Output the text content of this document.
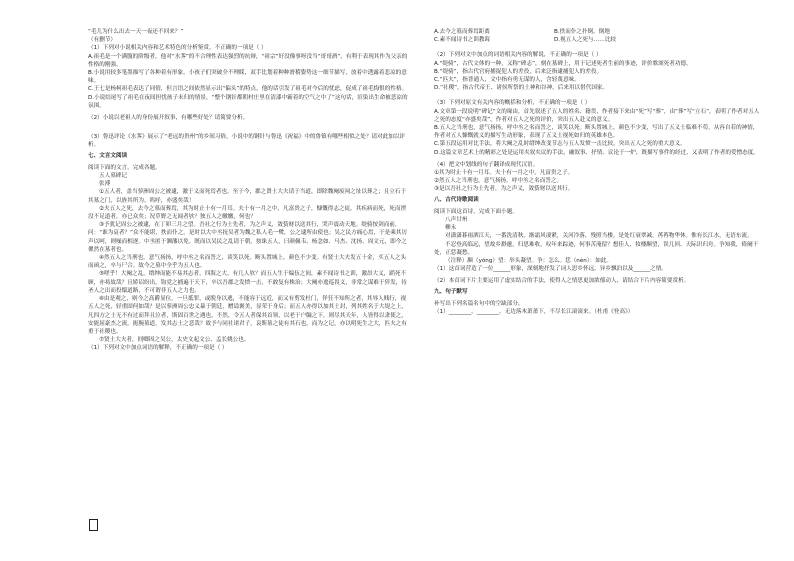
“毛儿为什么出去一天一夜还不回来？”

（有删节）

（1）下列对小说相关内容和艺术特色的分析鉴赏，不正确的一项是（ ）

A.祖毛是一个满腹的阶级者，他对“水荠”的不合理性表达强烈的抗辩，“祖宗”好没像事呀没当“哥哥酒”，有利于表现其作为父亲的性格的刚强。

B.小说用较多笔墨描写了各种着有形象，小孩子们突破全不理睬，双手比划着种种滑稽姿势这一细节描写，放着中透露着悲凉的意味。

C.王七是杨柯祖毛表达了同情，但言语之间依然显示出“偏头”的特点，他的话引发了祖毛对今后的忧虑，促成了祖毛悔恨的性格。

D.小说结尾写了祖毛在夜间担忧孩子未归的情景，“整个钢针都朝村庄里在清漆中霸着的空气之中了”这句话，渲染出生命被悲凉的氛围。

（2）小说以老祖人的身份展开叙事，有哪些好处？请简要分析。

（3）鲁迅评论《水荠》展示了“老远的贵州”的乡间习俗，小说中的钢针与鲁迅《祝福》中的鲁镇有哪些相似之处？请对此加以评析。

七、文言文阅读

阅读下面的文言，完成各题。

五人墓碑记

张溥

①五人者，盖当蓼洲周公之被逮，激于义而死焉者也。至于今，郡之贤士大夫请于当道，即除魏阉废祠之址以葬之；且立石于其墓之门，以旌其所为。呜呼，亦盛矣哉！

②夫五人之死，去今之墓而葬焉，其为时止十有一月耳。夫十有一月之中，凡富贵之子，慷慨得志之徒，其疾病而死，死而湮没不足道者，亦已众矣；况草野之无闻者欤？独五人之皦皦，何也？

③予犹记周公之被逮，在丁卯三月之望。吾社之行为士先者，为之声义，敛赀财以送其行，哭声震动天地。缇骑按剑而前，问：“谁为哀者？”众不能堪，抶而仆之。是时以大中丞抚吴者为魏之私人毛一鹭，公之逮所由使也；吴之民方痛心焉，于是乘其厉声以呵，则噪而相逐。中丞匿于溷藩以免。既而以吴民之乱请于朝，按诛五人，曰颜佩韦、杨念如、马杰、沈扬、周文元，即今之傫然在墓者也。

④然五人之当刑也，意气扬扬，呼中丞之名而詈之，谈笑以死。断头置城上，颜色不少变。有贤士大夫发五十金，买五人之头而函之，卒与尸合。故今之墓中全乎为五人也。

⑤嗟乎！大阉之乱，缙绅而能不易其志者，四海之大，有几人欤？而五人生于编伍之间，素不闻诗书之训，激昂大义，蹈死不顾，亦曷故哉？且矫诏纷出，钩党之捕遍于天下，卒以吾郡之发愤一击，不敢复有株治；大阉亦逡巡畏义，非常之谋难于猝发，待圣人之出而投缳道路，不可谓非五人之力也。

⑥由是观之，则今之高爵显位，一旦抵罪，或脱身以逃，不能容于远近，而又有剪发杜门，佯狂不知所之者，其辱人贱行，视五人之死，轻重固何如哉？是以蓼洲周公忠义暴于朝廷，赠谥褒美，显荣于身后；而五人亦得以加其土封，列其姓名于大堤之上，凡四方之士无不有过而拜且泣者，斯固百世之遇也。不然，令五人者保其首领，以老于户牖之下，则尽其天年，人皆得以隶使之，安能屈豪杰之流，扼腕墓道，发其志士之悲哉？故予与同社诸君子，哀斯墓之徒有其石也，而为之记，亦以明死生之大，匹夫之有重于社稷也。

⑦贤士大夫者，冏卿因之吴公，太史文起文公、孟长姚公也。

（1）下列对文中加点词语的解释，不正确的一项是（ ）

A.去今之墓而葬焉距离	B.抶而仆之扑倒，倒地
C.素不闻诗书之训教诲	D.视五人之死与……比较

（2）下列对文中加点的词语相关内容的解说，不正确的一项是（ ）

A.“缇骑”，古代文体的一种，又称“碑志”，刻在墓碑上，用于记述死者生前的事迹，评价歌颂死者功德。

B.“缇骑”，指古代官府捕捉犯人的差役，后来泛指逮捕犯人的差役。

C.“匹夫”，指普通人，文中指有勇无谋的人，含轻蔑意味。

D.“社稷”，指古代帝王、诸侯所祭的土神和谷神，后来用以借代国家。

（3）下列对原文有关内容的概括和分析，不正确的一项是（ ）

A.文章第一段说明“碑记”文的缘由，首先叙述了五人的姓名、籍贯，作者接下来由“死”写“葬”，由“葬”写“立石”，表明了作者对五人之死的态度“亦盛矣哉”，作者对五人之死的评价，突出五人赴义的意义。

B.五人之当刑也，意气扬扬，呼中丞之名而詈之，谈笑以死。断头置城上，颜色不少变，写出了五义士临难不苟，从容自若的神情，作者对五人慷慨就义的描写生动形象，表现了五义士视死如归的英雄本色。

C.第五段运用对比手法，将大阉之乱时缙绅改变节志与五人发愤一击比较，突出五人之死的重大意义。

D.这篇文章艺术上的精彩之处是运用夹叙夹议的手法，融叙事、抒情、议论于一炉，既描写事件的经过，又表明了作者的爱憎态度。

（4）把文中划线的句子翻译成现代汉语。

①其为时止十有一月耳。夫十有一月之中，凡富贵之子。

②然五人之当刑也，意气扬扬，呼中丞之名而詈之。

③是以吾社之行为士先者，为之声义，敛赀财以送其行。

八、古代诗歌阅读

阅读下面这首诗，完成下面小题。

八声甘州

柳永

对潇潇暮雨洒江天，一番洗清秋。渐霜风凄紧，关河冷落，残照当楼。是处红衰翠减，苒苒物华休。惟有长江水，无语东流。

不忍登高临远，望故乡渺邈，归思难收。叹年来踪迹，何事苦淹留？想佳人、妆楼颙望，误几回、天际识归舟。争知我，倚阑干处，正恁凝愁。

（注释）颙（yóng）望：举头凝望。争：怎么。恁（nèn）：如此。

（1）这首词营造了一位______形象，深刻地抒发了词人思乡怀远，异乡飘泊以及______之情。

（2）本首词下片主要运用了虚实结合的手法，使得人之情思更加浓郁动人，请结合下片内容简要赏析。

九、句子默写

补写出下列名篇名句中的空缺部分。

（1）________，________。无边落木萧萧下，不尽长江滚滚来。（杜甫《登高》）
